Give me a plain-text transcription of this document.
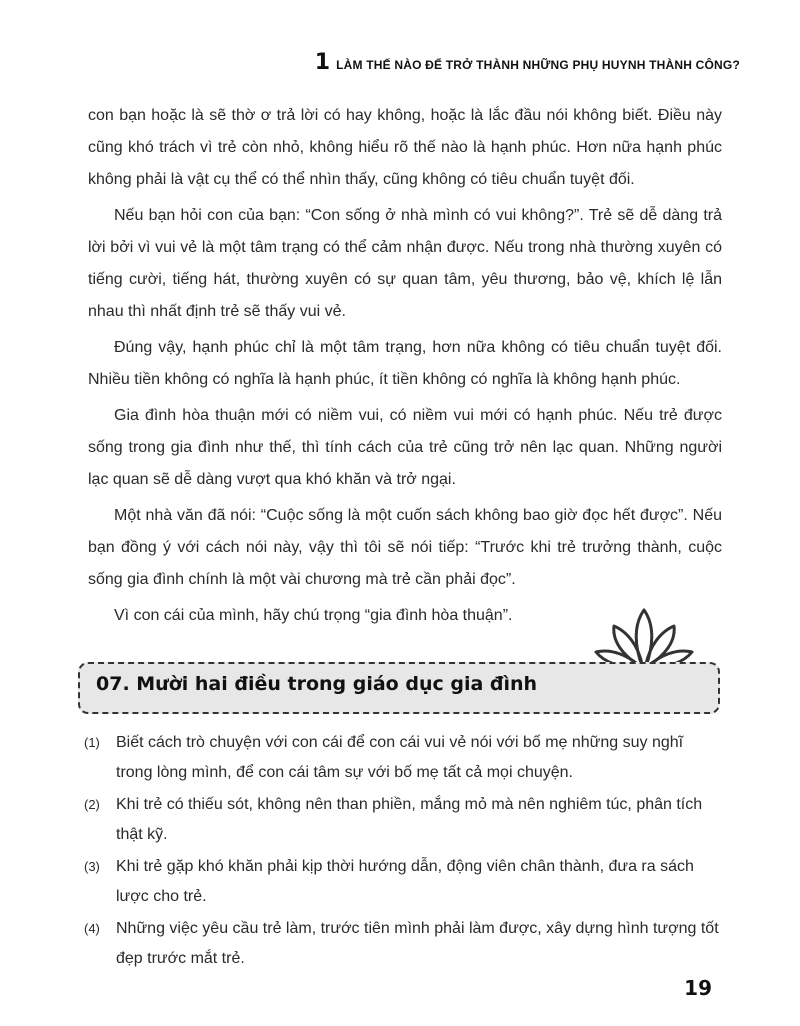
1 LÀM THẾ NÀO ĐỂ TRỞ THÀNH NHỮNG PHỤ HUYNH THÀNH CÔNG?

con bạn hoặc là sẽ thờ ơ trả lời có hay không, hoặc là lắc đầu nói không biết. Điều này cũng khó trách vì trẻ còn nhỏ, không hiểu rõ thế nào là hạnh phúc. Hơn nữa hạnh phúc không phải là vật cụ thể có thể nhìn thấy, cũng không có tiêu chuẩn tuyệt đối.

Nếu bạn hỏi con của bạn: “Con sống ở nhà mình có vui không?”. Trẻ sẽ dễ dàng trả lời bởi vì vui vẻ là một tâm trạng có thể cảm nhận được. Nếu trong nhà thường xuyên có tiếng cười, tiếng hát, thường xuyên có sự quan tâm, yêu thương, bảo vệ, khích lệ lẫn nhau thì nhất định trẻ sẽ thấy vui vẻ.

Đúng vậy, hạnh phúc chỉ là một tâm trạng, hơn nữa không có tiêu chuẩn tuyệt đối. Nhiều tiền không có nghĩa là hạnh phúc, ít tiền không có nghĩa là không hạnh phúc.

Gia đình hòa thuận mới có niềm vui, có niềm vui mới có hạnh phúc. Nếu trẻ được sống trong gia đình như thế, thì tính cách của trẻ cũng trở nên lạc quan. Những người lạc quan sẽ dễ dàng vượt qua khó khăn và trở ngại.

Một nhà văn đã nói: “Cuộc sống là một cuốn sách không bao giờ đọc hết được”. Nếu bạn đồng ý với cách nói này, vậy thì tôi sẽ nói tiếp: “Trước khi trẻ trưởng thành, cuộc sống gia đình chính là một vài chương mà trẻ cần phải đọc”.

Vì con cái của mình, hãy chú trọng “gia đình hòa thuận”.

07. Mười hai điều trong giáo dục gia đình
(1)	Biết cách trò chuyện với con cái để con cái vui vẻ nói với bố mẹ những suy nghĩ trong lòng mình, để con cái tâm sự với bố mẹ tất cả mọi chuyện.
(2)	Khi trẻ có thiếu sót, không nên than phiền, mắng mỏ mà nên nghiêm túc, phân tích thật kỹ.
(3)	Khi trẻ gặp khó khăn phải kịp thời hướng dẫn, động viên chân thành, đưa ra sách lược cho trẻ.
(4)	Những việc yêu cầu trẻ làm, trước tiên mình phải làm được, xây dựng hình tượng tốt đẹp trước mắt trẻ.
19
